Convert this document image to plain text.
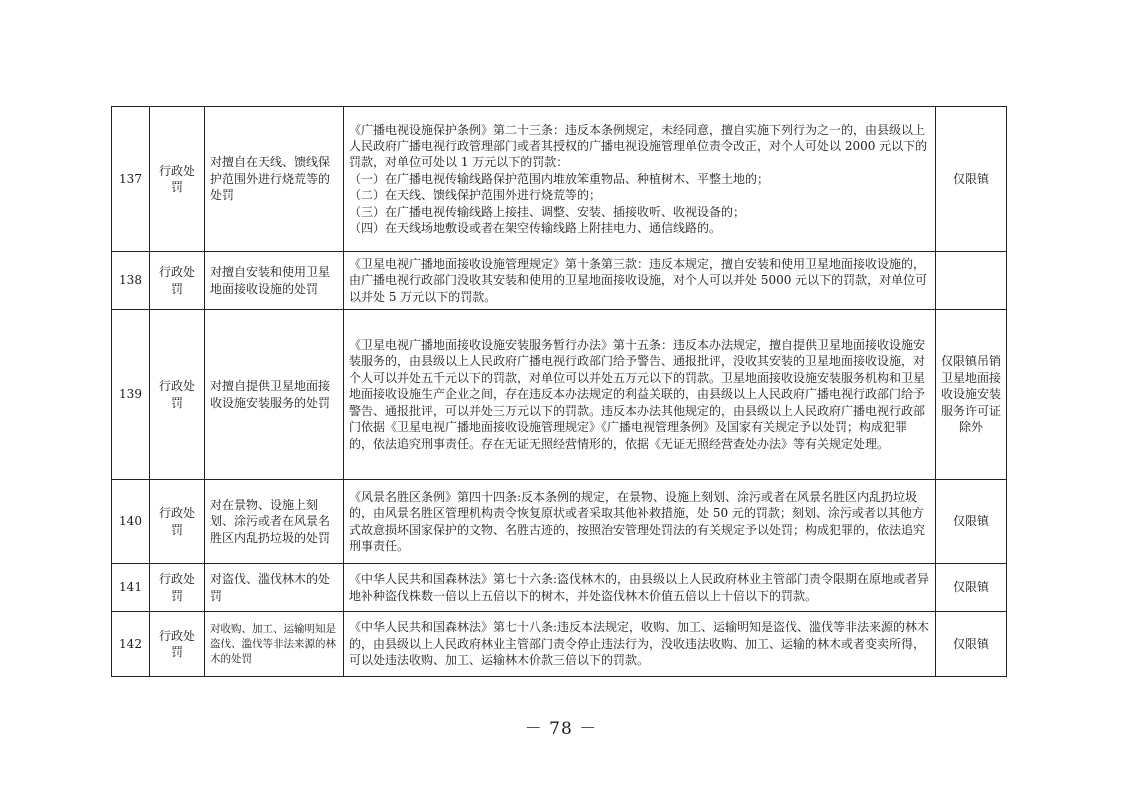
137	行政处罚	对擅自在天线、馈线保护范围外进行烧荒等的处罚	《广播电视设施保护条例》第二十三条：违反本条例规定，未经同意，擅自实施下列行为之一的，由县级以上人民政府广播电视行政管理部门或者其授权的广播电视设施管理单位责令改正，对个人可处以 2000 元以下的罚款，对单位可处以 1 万元以下的罚款：
（一）在广播电视传输线路保护范围内堆放笨重物品、种植树木、平整土地的；
（二）在天线、馈线保护范围外进行烧荒等的；
（三）在广播电视传输线路上接挂、调整、安装、插接收听、收视设备的；
（四）在天线场地敷设或者在架空传输线路上附挂电力、通信线路的。	仅限镇
138	行政处罚	对擅自安装和使用卫星地面接收设施的处罚	《卫星电视广播地面接收设施管理规定》第十条第三款：违反本规定，擅自安装和使用卫星地面接收设施的，由广播电视行政部门没收其安装和使用的卫星地面接收设施，对个人可以并处 5000 元以下的罚款，对单位可以并处 5 万元以下的罚款。	

139	行政处罚	对擅自提供卫星地面接收设施安装服务的处罚	《卫星电视广播地面接收设施安装服务暂行办法》第十五条：违反本办法规定，擅自提供卫星地面接收设施安装服务的，由县级以上人民政府广播电视行政部门给予警告、通报批评，没收其安装的卫星地面接收设施，对个人可以并处五千元以下的罚款，对单位可以并处五万元以下的罚款。卫星地面接收设施安装服务机构和卫星地面接收设施生产企业之间，存在违反本办法规定的利益关联的，由县级以上人民政府广播电视行政部门给予警告、通报批评，可以并处三万元以下的罚款。违反本办法其他规定的，由县级以上人民政府广播电视行政部门依据《卫星电视广播地面接收设施管理规定》《广播电视管理条例》及国家有关规定予以处罚；构成犯罪的，依法追究刑事责任。存在无证无照经营情形的，依据《无证无照经营查处办法》等有关规定处理。	仅限镇吊销卫星地面接收设施安装服务许可证除外
140	行政处罚	对在景物、设施上刻划、涂污或者在风景名胜区内乱扔垃圾的处罚	《风景名胜区条例》第四十四条:反本条例的规定，在景物、设施上刻划、涂污或者在风景名胜区内乱扔垃圾的，由风景名胜区管理机构责令恢复原状或者采取其他补救措施，处 50 元的罚款；刻划、涂污或者以其他方式故意损坏国家保护的文物、名胜古迹的，按照治安管理处罚法的有关规定予以处罚；构成犯罪的，依法追究刑事责任。	仅限镇
141	行政处罚	对盗伐、滥伐林木的处罚	《中华人民共和国森林法》第七十六条:盗伐林木的，由县级以上人民政府林业主管部门责令限期在原地或者异地补种盗伐株数一倍以上五倍以下的树木，并处盗伐林木价值五倍以上十倍以下的罚款。	仅限镇
142	行政处罚	对收购、加工、运输明知是盗伐、滥伐等非法来源的林木的处罚	《中华人民共和国森林法》第七十八条:违反本法规定，收购、加工、运输明知是盗伐、滥伐等非法来源的林木的，由县级以上人民政府林业主管部门责令停止违法行为，没收违法收购、加工、运输的林木或者变卖所得，可以处违法收购、加工、运输林木价款三倍以下的罚款。	仅限镇
－ 78 －
